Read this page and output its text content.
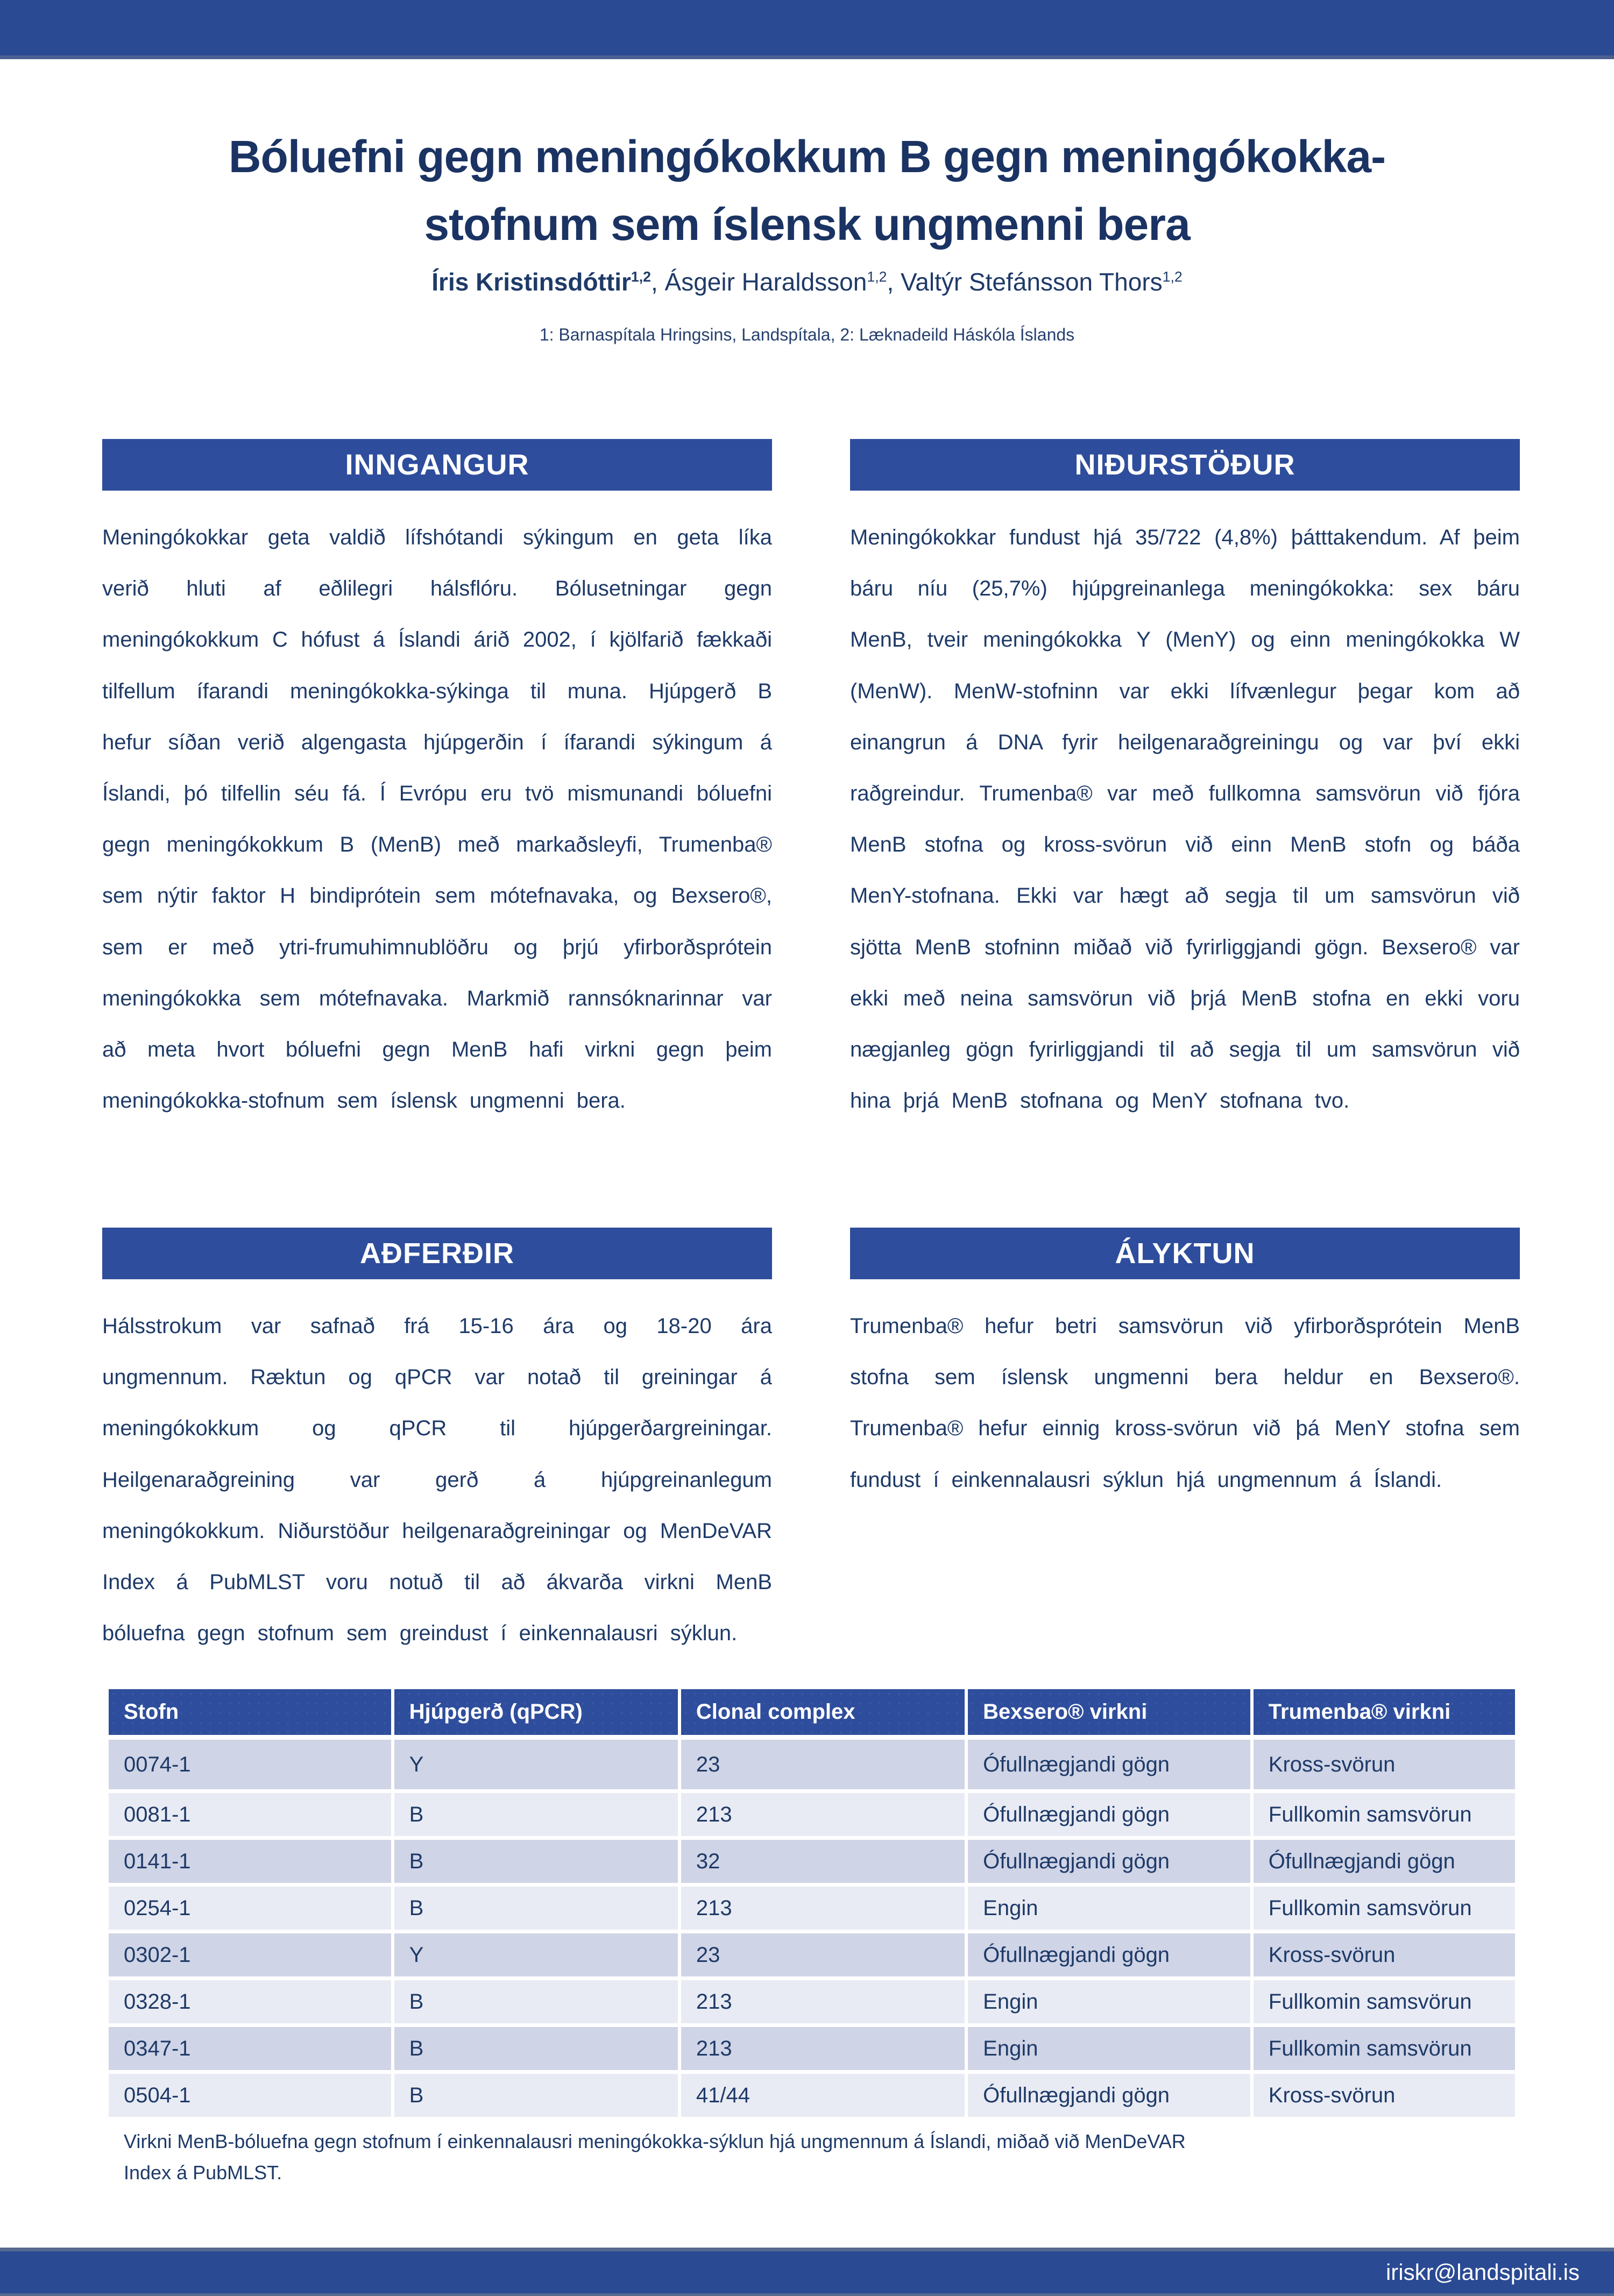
Bóluefni gegn meningókokkum B gegn meningókokka-
stofnum sem íslensk ungmenni bera

Íris Kristinsdóttir$^{1,2}$, Ásgeir Haraldsson$^{1,2}$, Valtýr Stefánsson Thors$^{1,2}$

1: Barnaspítala Hringsins, Landspítala, 2: Læknadeild Háskóla Íslands

INNGANGUR

Meningókokkar geta valdið lífshótandi sýkingum en geta líka verið hluti af eðlilegri hálsflóru. Bólusetningar gegn meningókokkum C hófust á Íslandi árið 2002, í kjölfarið fækkaði tilfellum ífarandi meningókokka-sýkinga til muna. Hjúpgerð B hefur síðan verið algengasta hjúpgerðin í ífarandi sýkingum á Íslandi, þó tilfellin séu fá. Í Evrópu eru tvö mismunandi bóluefni gegn meningókokkum B (MenB) með markaðsleyfi, Trumenba® sem nýtir faktor H bindiprótein sem mótefnavaka, og Bexsero®, sem er með ytri-frumuhimnublöðru og þrjú yfirborðsprótein meningókokka sem mótefnavaka. Markmið rannsóknarinnar var að meta hvort bóluefni gegn MenB hafi virkni gegn þeim meningókokka-stofnum sem íslensk ungmenni bera.

NIÐURSTÖÐUR

Meningókokkar fundust hjá 35/722 (4,8%) þátttakendum. Af þeim báru níu (25,7%) hjúpgreinanlega meningókokka: sex báru MenB, tveir meningókokka Y (MenY) og einn meningókokka W (MenW). MenW-stofninn var ekki lífvænlegur þegar kom að einangrun á DNA fyrir heilgenaraðgreiningu og var því ekki raðgreindur. Trumenba® var með fullkomna samsvörun við fjóra MenB stofna og kross-svörun við einn MenB stofn og báða MenY-stofnana. Ekki var hægt að segja til um samsvörun við sjötta MenB stofninn miðað við fyrirliggjandi gögn. Bexsero® var ekki með neina samsvörun við þrjá MenB stofna en ekki voru nægjanleg gögn fyrirliggjandi til að segja til um samsvörun við hina þrjá MenB stofnana og MenY stofnana tvo.

AÐFERÐIR

Hálsstrokum var safnað frá 15-16 ára og 18-20 ára ungmennum. Ræktun og qPCR var notað til greiningar á meningókokkum og qPCR til hjúpgerðargreiningar. Heilgenaraðgreining var gerð á hjúpgreinanlegum meningókokkum. Niðurstöður heilgenaraðgreiningar og MenDeVAR Index á PubMLST voru notuð til að ákvarða virkni MenB bóluefna gegn stofnum sem greindust í einkennalausri sýklun.

ÁLYKTUN

Trumenba® hefur betri samsvörun við yfirborðsprótein MenB stofna sem íslensk ungmenni bera heldur en Bexsero®. Trumenba® hefur einnig kross-svörun við þá MenY stofna sem fundust í einkennalausri sýklun hjá ungmennum á Íslandi.

Stofn	Hjúpgerð (qPCR)	Clonal complex	Bexsero® virkni	Trumenba® virkni
0074-1	Y	23	Ófullnægjandi gögn	Kross-svörun
0081-1	B	213	Ófullnægjandi gögn	Fullkomin samsvörun
0141-1	B	32	Ófullnægjandi gögn	Ófullnægjandi gögn
0254-1	B	213	Engin	Fullkomin samsvörun
0302-1	Y	23	Ófullnægjandi gögn	Kross-svörun
0328-1	B	213	Engin	Fullkomin samsvörun
0347-1	B	213	Engin	Fullkomin samsvörun
0504-1	B	41/44	Ófullnægjandi gögn	Kross-svörun

Virkni MenB-bóluefna gegn stofnum í einkennalausri meningókokka-sýklun hjá ungmennum á Íslandi, miðað við MenDeVAR Index á PubMLST.

iriskr@landspitali.is
